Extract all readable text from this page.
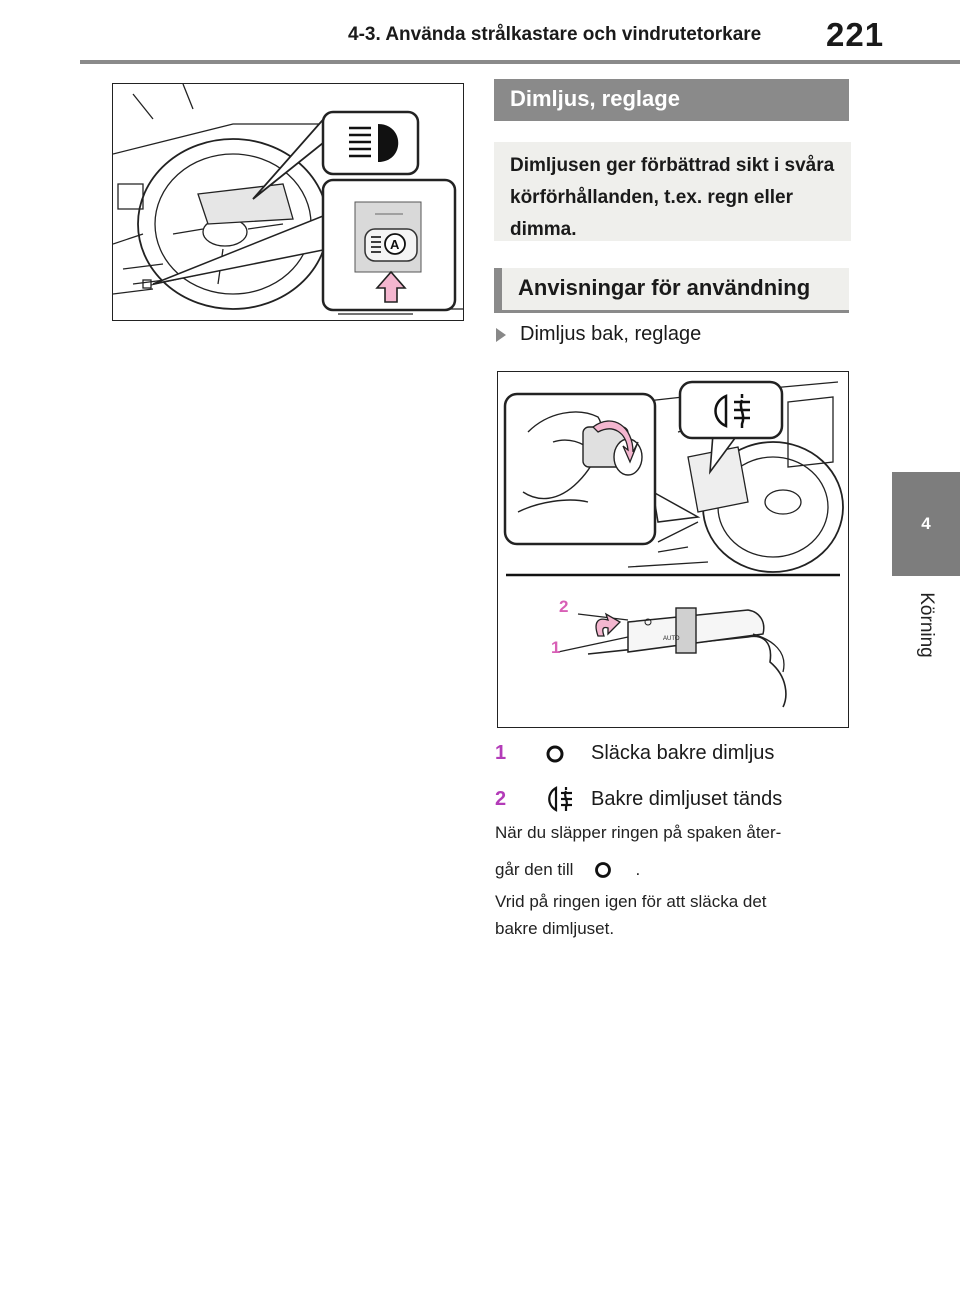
4-3. Använda strålkastare och vindrutetorkare 221
4
Körning
A
Dimljus, reglage
Dimljusen ger förbättrad sikt i svåra körförhållanden, t.ex. regn eller dimma.
Anvisningar för användning
Dimljus bak, reglage
AUTO
2
1
1	Släcka bakre dimljus
2	Bakre dimljuset tänds
När du släpper ringen på spaken åter-
går den till	.
Vrid på ringen igen för att släcka det
bakre dimljuset.
